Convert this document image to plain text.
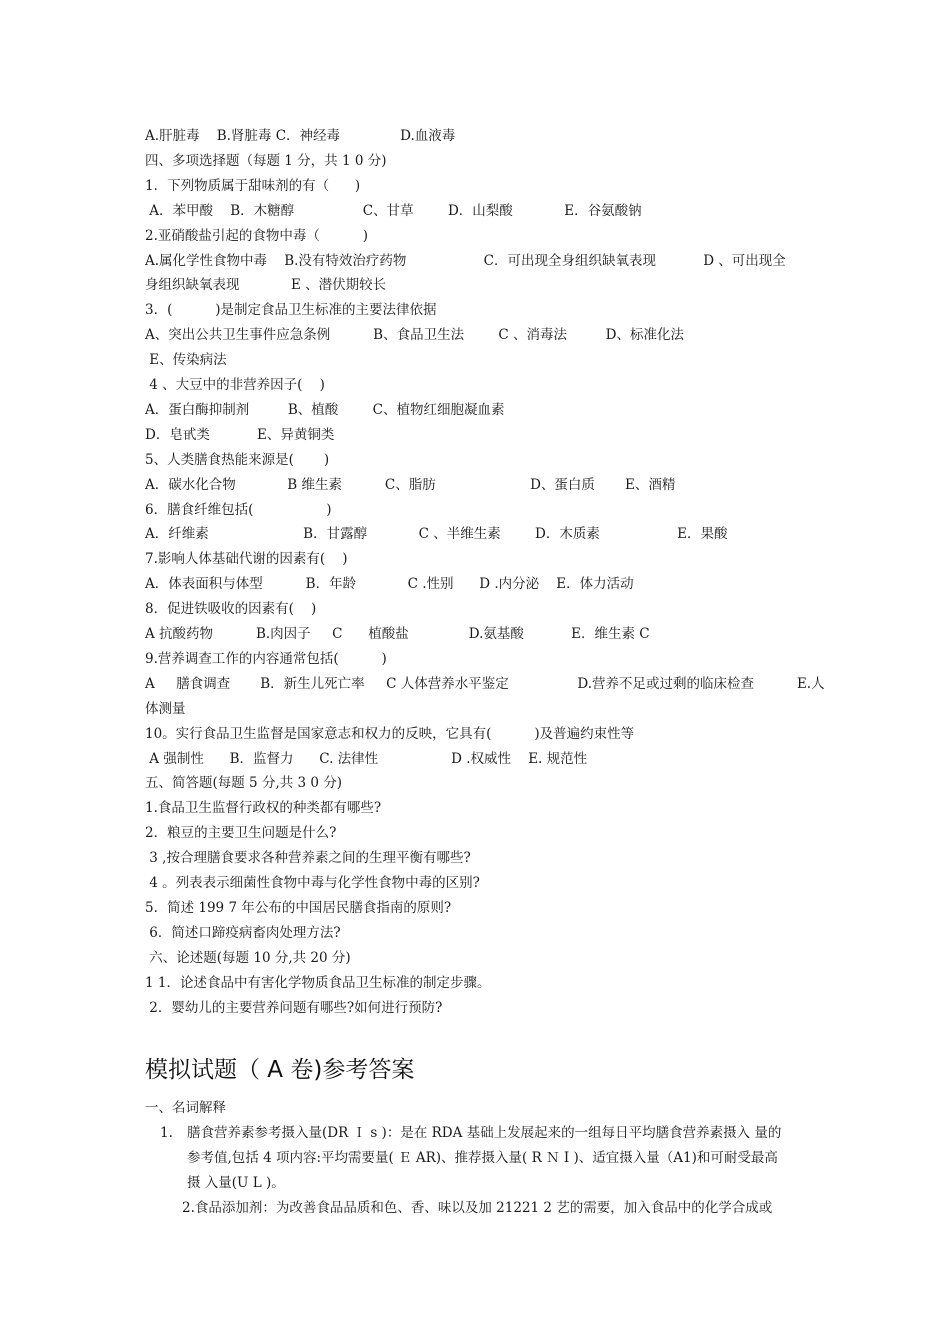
A.肝脏毒    B.肾脏毒 C．神经毒              D.血液毒
四、多项选择题（每题 1 分，共 1 0 分)
1．下列物质属于甜味剂的有（      )
A．苯甲酸    B．木糖醇                C、甘草        D．山梨酸            E．谷氨酸钠
2.亚硝酸盐引起的食物中毒（          )
A.属化学性食物中毒    B.没有特效治疗药物                  C．可出现全身组织缺氧表现           D 、可出现全
身组织缺氧表现            E 、潜伏期较长
3．(          )是制定食品卫生标准的主要法律依据
A、突出公共卫生事件应急条例          B、食品卫生法        C 、消毒法         D、标准化法
E、传染病法
4 、大豆中的非营养因子(    )
A．蛋白酶抑制剂         B、植酸        C、植物红细胞凝血素
D．皂甙类           E、异黄铜类
5、人类膳食热能来源是(       )
A．碳水化合物            B 维生素          C、脂肪                      D、蛋白质       E、酒精
6．膳食纤维包括(                 )
A．纤维素                      B．甘露醇            C 、半维生素        D．木质素                  E．果酸
7.影响人体基础代谢的因素有(    )
A．体表面积与体型          B．年龄            C .性别      D .内分泌    E．体力活动
8．促进铁吸收的因素有(    )
A 抗酸药物          B.肉因子     C      植酸盐              D.氨基酸           E．维生素 C
9.营养调查工作的内容通常包括(          )
A     膳食调查       B．新生儿死亡率     C 人体营养水平鉴定                D.营养不足或过剩的临床检查          E.人
体测量
10。实行食品卫生监督是国家意志和权力的反映，它具有(          )及普遍约束性等
A 强制性      B．监督力      C. 法律性                 D .权威性    E. 规范性
五、简答题(每题 5 分,共 3 0 分)
1.食品卫生监督行政权的种类都有哪些?
2．粮豆的主要卫生问题是什么?
3 ,按合理膳食要求各种营养素之间的生理平衡有哪些?
4 。列表表示细菌性食物中毒与化学性食物中毒的区别?
5．简述 199 7 年公布的中国居民膳食指南的原则?
6．简述口蹄疫病畜肉处理方法?
六、论述题(每题 10 分,共 20 分)
1 1．论述食品中有害化学物质食品卫生标准的制定步骤。
2．婴幼儿的主要营养问题有哪些?如何进行预防?
模拟试题（ A 卷)参考答案
一、名词解释
1. 膳食营养素参考摄入量(DR Ｉ s )：是在 RDA 基础上发展起来的一组每日平均膳食营养素摄入 量的
参考值,包括 4 项内容:平均需要量( Ｅ AR)、推荐摄入量( R Ｎ I )、适宜摄入量（A1)和可耐受最高
摄 入量(U L )。
2.食品添加剂：为改善食品品质和色、香、味以及加 21221 2 艺的需要，加入食品中的化学合成或
